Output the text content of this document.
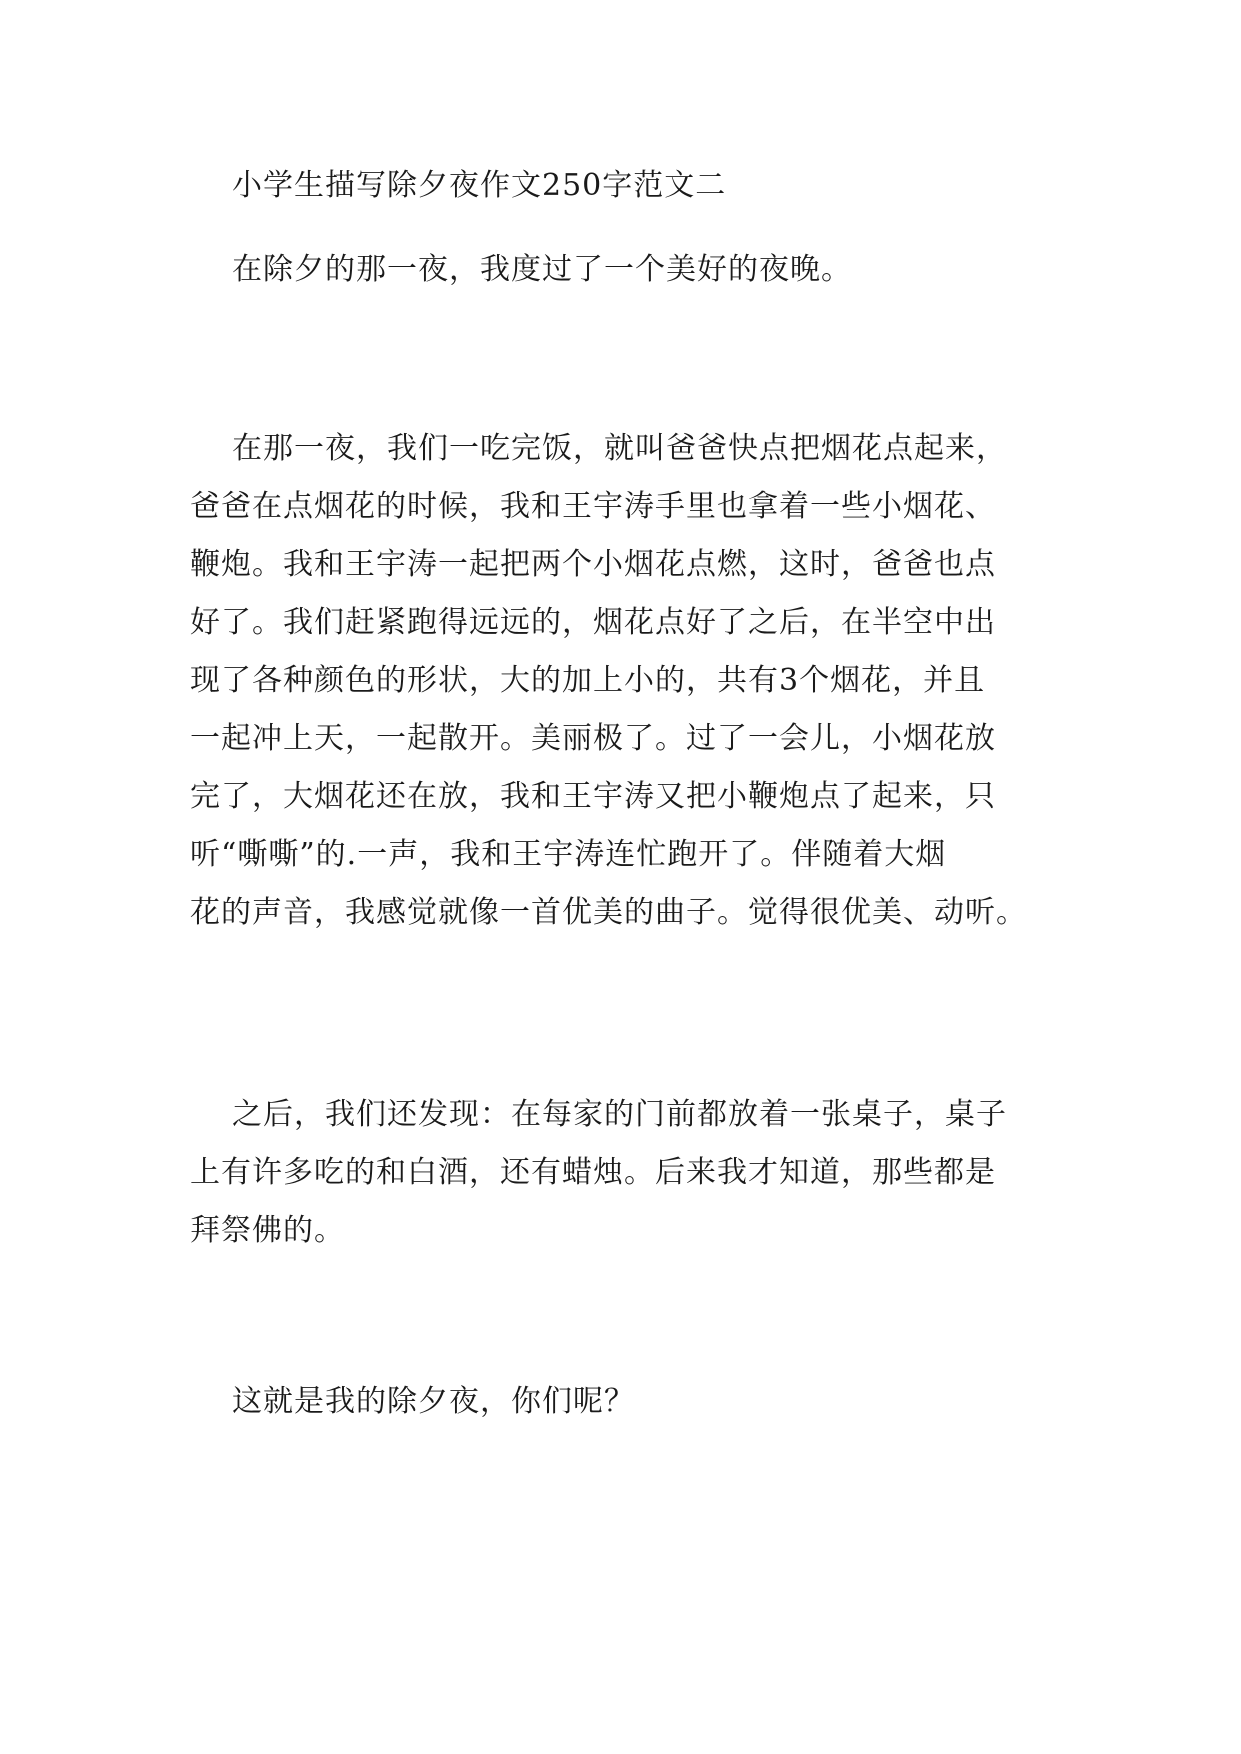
小学生描写除夕夜作文250字范文二
在除夕的那一夜，我度过了一个美好的夜晚。
在那一夜，我们一吃完饭，就叫爸爸快点把烟花点起来，
爸爸在点烟花的时候，我和王宇涛手里也拿着一些小烟花、
鞭炮。我和王宇涛一起把两个小烟花点燃，这时，爸爸也点
好了。我们赶紧跑得远远的，烟花点好了之后，在半空中出
现了各种颜色的形状，大的加上小的，共有3个烟花，并且
一起冲上天，一起散开。美丽极了。过了一会儿，小烟花放
完了，大烟花还在放，我和王宇涛又把小鞭炮点了起来，只
听“嘶嘶”的.一声，我和王宇涛连忙跑开了。伴随着大烟
花的声音，我感觉就像一首优美的曲子。觉得很优美、动听。
之后，我们还发现：在每家的门前都放着一张桌子，桌子
上有许多吃的和白酒，还有蜡烛。后来我才知道，那些都是
拜祭佛的。
这就是我的除夕夜，你们呢？
